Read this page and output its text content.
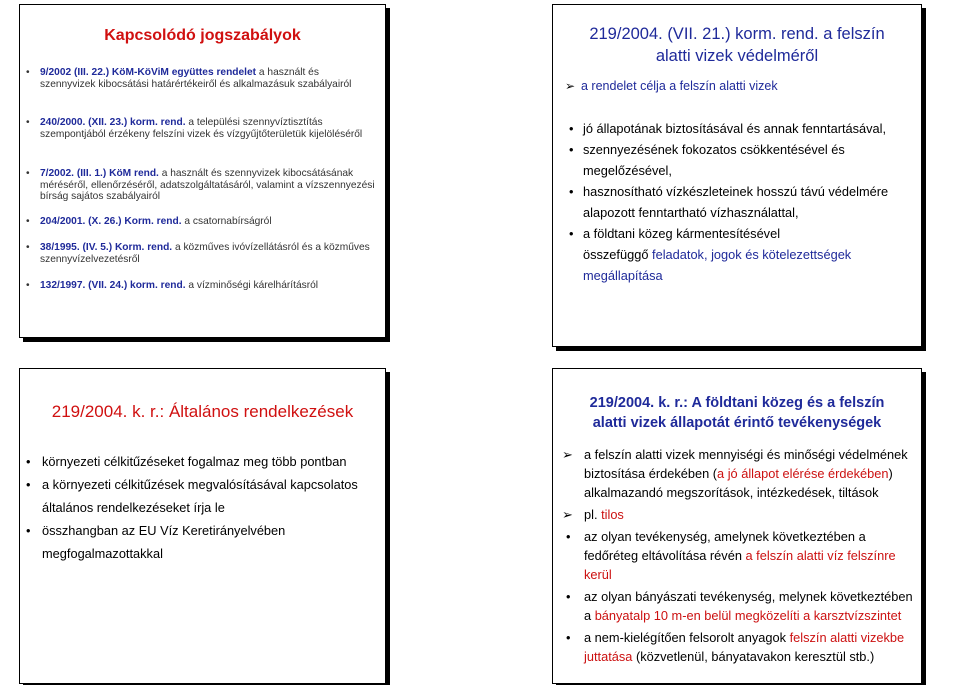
Kapcsolódó jogszabályok
• 9/2002 (III. 22.) KöM-KöViM együttes rendelet a használt és szennyvizek kibocsátási határértékeiről és alkalmazásuk szabályairól
• 240/2000. (XII. 23.) korm. rend. a települési szennyvíztisztítás szempontjából érzékeny felszíni vizek és vízgyűjtőterületük kijelöléséről
• 7/2002. (III. 1.) KöM rend. a használt és szennyvizek kibocsátásának méréséről, ellenőrzéséről, adatszolgáltatásáról, valamint a vízszennyezési bírság sajátos szabályairól
• 204/2001. (X. 26.) Korm. rend. a csatornabírságról
• 38/1995. (IV. 5.) Korm. rend. a közműves ivóvízellátásról és a közműves szennyvízelvezetésről
• 132/1997. (VII. 24.) korm. rend. a vízminőségi kárelhárításról
219/2004. (VII. 21.) korm. rend. a felszín
alatti vizek védelméről
➢ a rendelet célja a felszín alatti vizek
• jó állapotának biztosításával és annak fenntartásával,
• szennyezésének fokozatos csökkentésével és megelőzésével,
• hasznosítható vízkészleteinek hosszú távú védelmére alapozott fenntartható vízhasználattal,
• a földtani közeg kármentesítésével
összefüggő feladatok, jogok és kötelezettségek megállapítása
219/2004. k. r.: Általános rendelkezések
• környezeti célkitűzéseket fogalmaz meg több pontban
• a környezeti célkitűzések megvalósításával kapcsolatos általános rendelkezéseket írja le
• összhangban az EU Víz Keretirányelvében megfogalmazottakkal
219/2004. k. r.: A földtani közeg és a felszín
alatti vizek állapotát érintő tevékenységek
➢ a felszín alatti vizek mennyiségi és minőségi védelmének biztosítása érdekében (a jó állapot elérése érdekében) alkalmazandó megszorítások, intézkedések, tiltások
➢ pl. tilos
• az olyan tevékenység, amelynek következtében a fedőréteg eltávolítása révén a felszín alatti víz felszínre kerül
• az olyan bányászati tevékenység, melynek következtében a bányatalp 10 m-en belül megközelíti a karsztvízszintet
• a nem-kielégítően felsorolt anyagok felszín alatti vizekbe juttatása (közvetlenül, bányatavakon keresztül stb.)
